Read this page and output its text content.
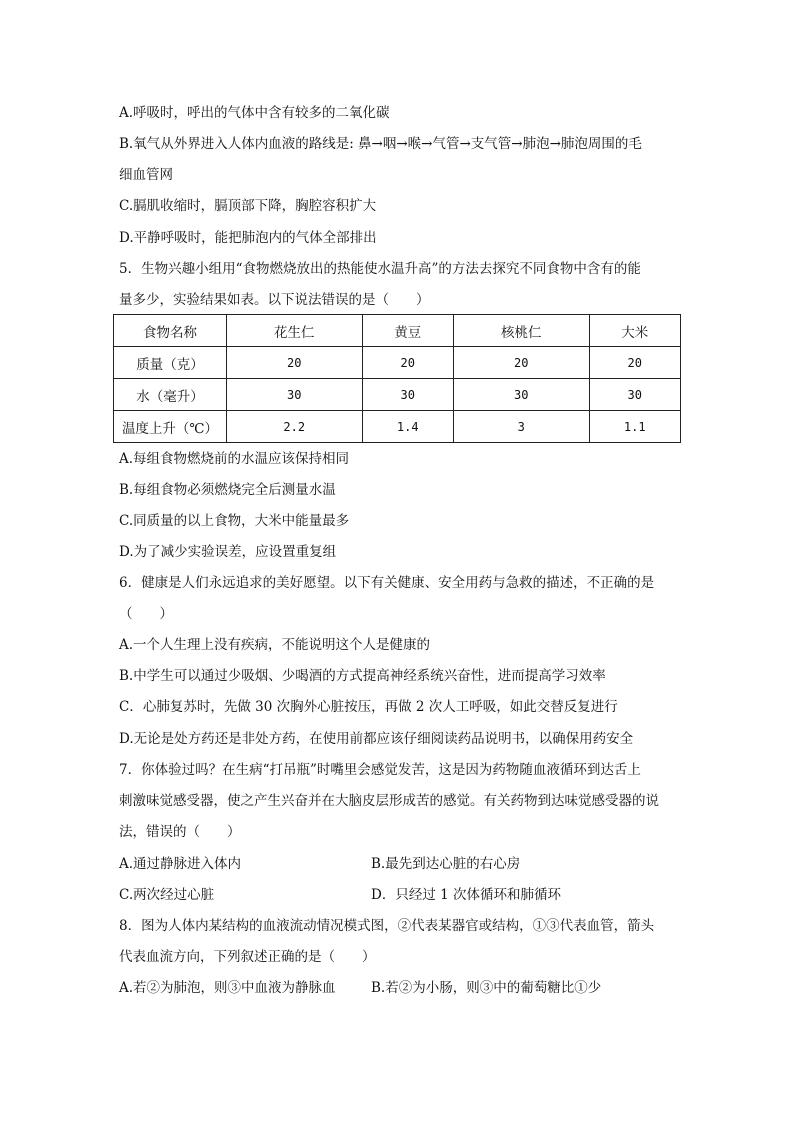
A.呼吸时，呼出的气体中含有较多的二氧化碳
B.氧气从外界进入人体内血液的路线是: 鼻→咽→喉→气管→支气管→肺泡→肺泡周围的毛
细血管网
C.膈肌收缩时，膈顶部下降，胸腔容积扩大
D.平静呼吸时，能把肺泡内的气体全部排出
5．生物兴趣小组用“食物燃烧放出的热能使水温升高”的方法去探究不同食物中含有的能
量多少，实验结果如表。以下说法错误的是（　　）
食物名称	花生仁	黄豆	核桃仁	大米
质量（克）	20	20	20	20
水（毫升）	30	30	30	30
温度上升（℃）	2.2	1.4	3	1.1
A.每组食物燃烧前的水温应该保持相同
B.每组食物必须燃烧完全后测量水温
C.同质量的以上食物，大米中能量最多
D.为了减少实验误差，应设置重复组
6．健康是人们永远追求的美好愿望。以下有关健康、安全用药与急救的描述，不正确的是
（　　）
A.一个人生理上没有疾病，不能说明这个人是健康的
B.中学生可以通过少吸烟、少喝酒的方式提高神经系统兴奋性，进而提高学习效率
C．心肺复苏时，先做 30 次胸外心脏按压，再做 2 次人工呼吸，如此交替反复进行
D.无论是处方药还是非处方药，在使用前都应该仔细阅读药品说明书，以确保用药安全
7．你体验过吗？在生病“打吊瓶”时嘴里会感觉发苦，这是因为药物随血液循环到达舌上
刺激味觉感受器，使之产生兴奋并在大脑皮层形成苦的感觉。有关药物到达味觉感受器的说
法，错误的（　　）
A.通过静脉进入体内	B.最先到达心脏的右心房
C.两次经过心脏	D．只经过 1 次体循环和肺循环
8．图为人体内某结构的血液流动情况模式图，②代表某器官或结构，①③代表血管，箭头
代表血流方向，下列叙述正确的是（　　）
A.若②为肺泡，则③中血液为静脉血	B.若②为小肠，则③中的葡萄糖比①少
